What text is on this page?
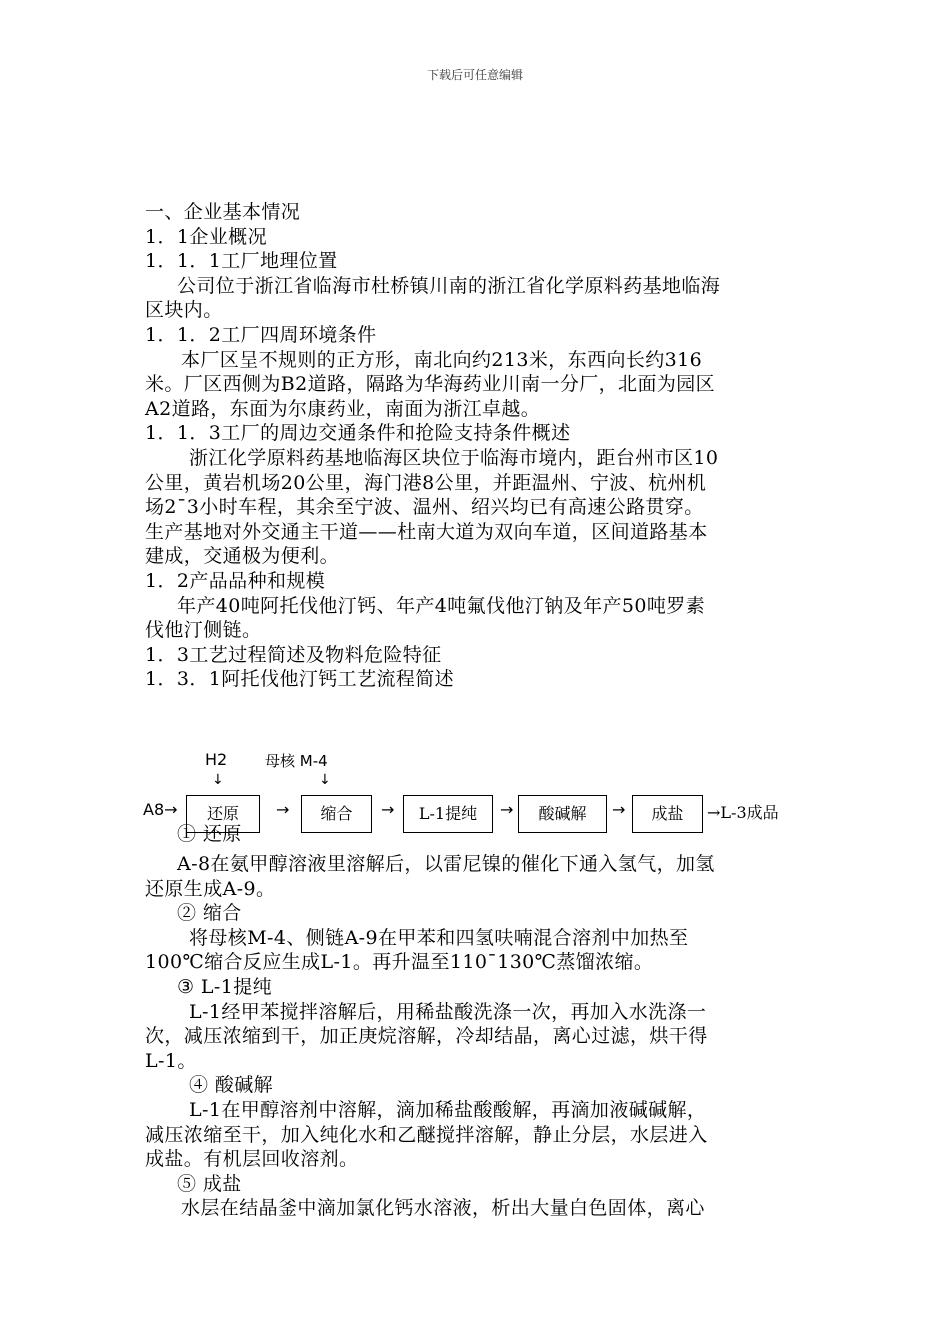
下载后可任意编辑
一、企业基本情况
1．1企业概况
1．1．1工厂地理位置
公司位于浙江省临海市杜桥镇川南的浙江省化学原料药基地临海
区块内。
1．1．2工厂四周环境条件
本厂区呈不规则的正方形，南北向约213米，东西向长约316
米。厂区西侧为B2道路，隔路为华海药业川南一分厂，北面为园区
A2道路，东面为尔康药业，南面为浙江卓越。
1．1．3工厂的周边交通条件和抢险支持条件概述
浙江化学原料药基地临海区块位于临海市境内，距台州市区10
公里，黄岩机场20公里，海门港8公里，并距温州、宁波、杭州机
场2¯3小时车程，其余至宁波、温州、绍兴均已有高速公路贯穿。
生产基地对外交通主干道——杜南大道为双向车道，区间道路基本
建成，交通极为便利。
1．2产品品种和规模
年产40吨阿托伐他汀钙、年产4吨氟伐他汀钠及年产50吨罗素
伐他汀侧链。
1．3工艺过程简述及物料危险特征
1．3．1阿托伐他汀钙工艺流程简述
H2
↓
母核 M-4
↓
A8→	还原	→	缩合	→	L-1提纯	→	酸碱解	→	成盐	→L-3成品
① 还原
A-8在氨甲醇溶液里溶解后，以雷尼镍的催化下通入氢气，加氢
还原生成A-9。
② 缩合
将母核M-4、侧链A-9在甲苯和四氢呋喃混合溶剂中加热至
100℃缩合反应生成L-1。再升温至110¯130℃蒸馏浓缩。
③ L-1提纯
L-1经甲苯搅拌溶解后，用稀盐酸洗涤一次，再加入水洗涤一
次，减压浓缩到干，加正庚烷溶解，冷却结晶，离心过滤，烘干得
L-1。
④ 酸碱解
L-1在甲醇溶剂中溶解，滴加稀盐酸酸解，再滴加液碱碱解，
减压浓缩至干，加入纯化水和乙醚搅拌溶解，静止分层，水层进入
成盐。有机层回收溶剂。
⑤ 成盐
水层在结晶釜中滴加氯化钙水溶液，析出大量白色固体，离心
